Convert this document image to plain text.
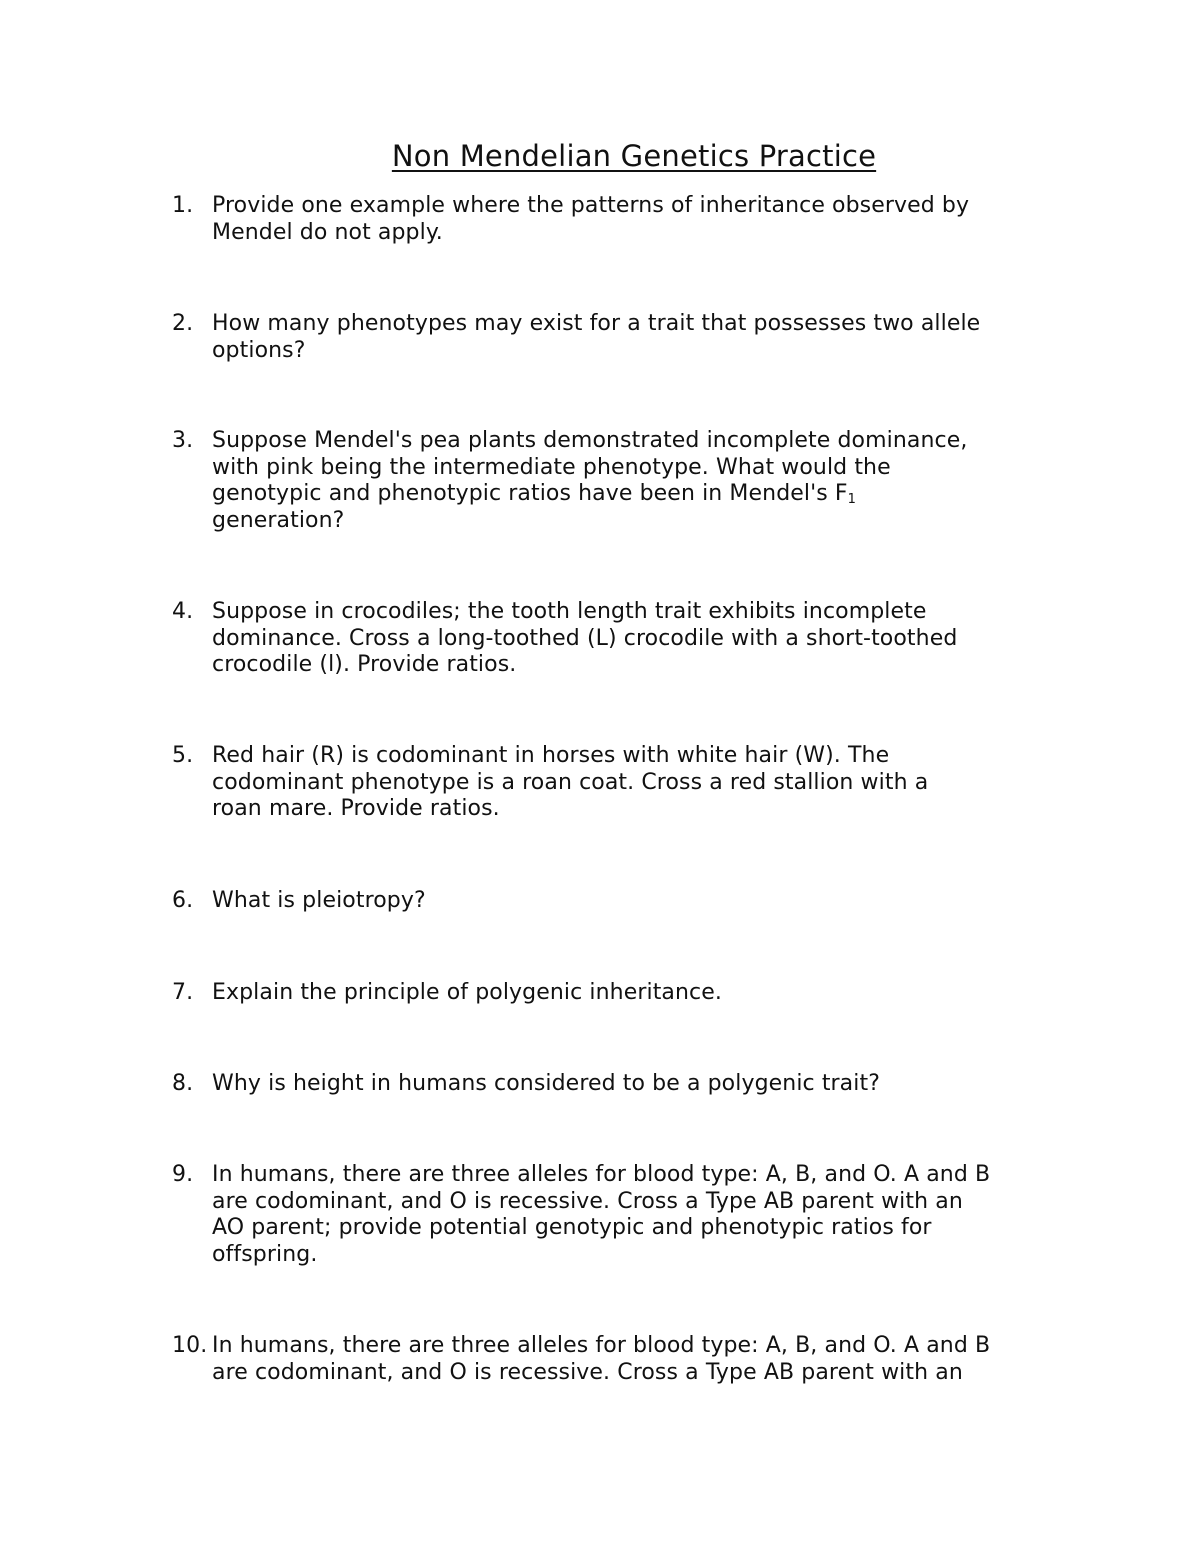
Non Mendelian Genetics Practice
1. Provide one example where the patterns of inheritance observed by
Mendel do not apply.
2. How many phenotypes may exist for a trait that possesses two allele
options?
3. Suppose Mendel's pea plants demonstrated incomplete dominance,
with pink being the intermediate phenotype. What would the
genotypic and phenotypic ratios have been in Mendel's $F_1$
generation?
4. Suppose in crocodiles; the tooth length trait exhibits incomplete
dominance. Cross a long-toothed (L) crocodile with a short-toothed
crocodile (l). Provide ratios.
5. Red hair (R) is codominant in horses with white hair (W). The
codominant phenotype is a roan coat. Cross a red stallion with a
roan mare. Provide ratios.
6. What is pleiotropy?
7. Explain the principle of polygenic inheritance.
8. Why is height in humans considered to be a polygenic trait?
9. In humans, there are three alleles for blood type: A, B, and O. A and B
are codominant, and O is recessive. Cross a Type AB parent with an
AO parent; provide potential genotypic and phenotypic ratios for
offspring.
10. In humans, there are three alleles for blood type: A, B, and O. A and B
are codominant, and O is recessive. Cross a Type AB parent with an
